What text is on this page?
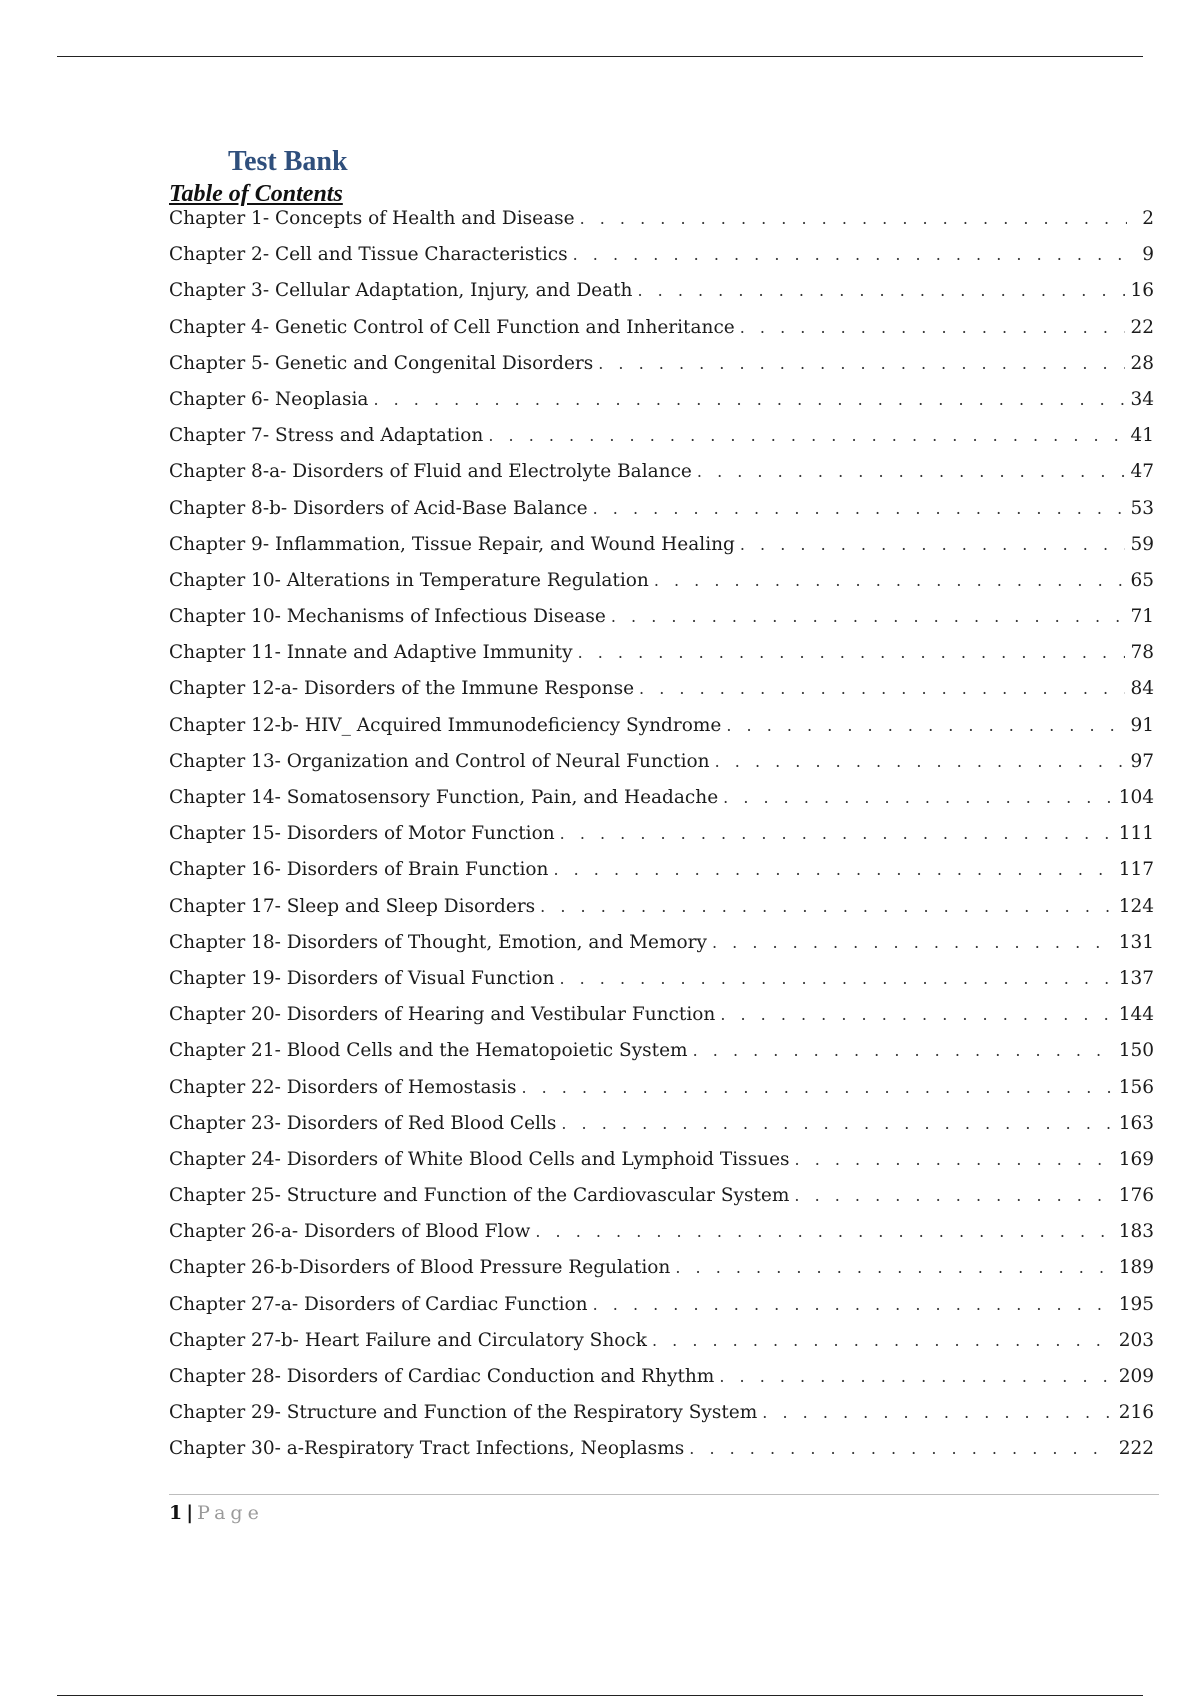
Test Bank
Table of Contents
Chapter 1- Concepts of Health and Disease . . .	2
Chapter 2- Cell and Tissue Characteristics . . .	9
Chapter 3- Cellular Adaptation, Injury, and Death . . .	16
Chapter 4- Genetic Control of Cell Function and Inheritance . . .	22
Chapter 5- Genetic and Congenital Disorders . . .	28
Chapter 6- Neoplasia . . .	34
Chapter 7- Stress and Adaptation . . .	41
Chapter 8-a- Disorders of Fluid and Electrolyte Balance . . .	47
Chapter 8-b- Disorders of Acid-Base Balance . . .	53
Chapter 9- Inflammation, Tissue Repair, and Wound Healing . . .	59
Chapter 10- Alterations in Temperature Regulation . . .	65
Chapter 10- Mechanisms of Infectious Disease . . .	71
Chapter 11- Innate and Adaptive Immunity . . .	78
Chapter 12-a- Disorders of the Immune Response . . .	84
Chapter 12-b- HIV_ Acquired Immunodeficiency Syndrome . . .	91
Chapter 13- Organization and Control of Neural Function . . .	97
Chapter 14- Somatosensory Function, Pain, and Headache . . .	104
Chapter 15- Disorders of Motor Function . . .	111
Chapter 16- Disorders of Brain Function . . .	117
Chapter 17- Sleep and Sleep Disorders . . .	124
Chapter 18- Disorders of Thought, Emotion, and Memory . . .	131
Chapter 19- Disorders of Visual Function . . .	137
Chapter 20- Disorders of Hearing and Vestibular Function . . .	144
Chapter 21- Blood Cells and the Hematopoietic System . . .	150
Chapter 22- Disorders of Hemostasis . . .	156
Chapter 23- Disorders of Red Blood Cells . . .	163
Chapter 24- Disorders of White Blood Cells and Lymphoid Tissues . . .	169
Chapter 25- Structure and Function of the Cardiovascular System . . .	176
Chapter 26-a- Disorders of Blood Flow . . .	183
Chapter 26-b-Disorders of Blood Pressure Regulation . . .	189
Chapter 27-a- Disorders of Cardiac Function . . .	195
Chapter 27-b- Heart Failure and Circulatory Shock . . .	203
Chapter 28- Disorders of Cardiac Conduction and Rhythm . . .	209
Chapter 29- Structure and Function of the Respiratory System . . .	216
Chapter 30- a-Respiratory Tract Infections, Neoplasms . . .	222
1 | Page
